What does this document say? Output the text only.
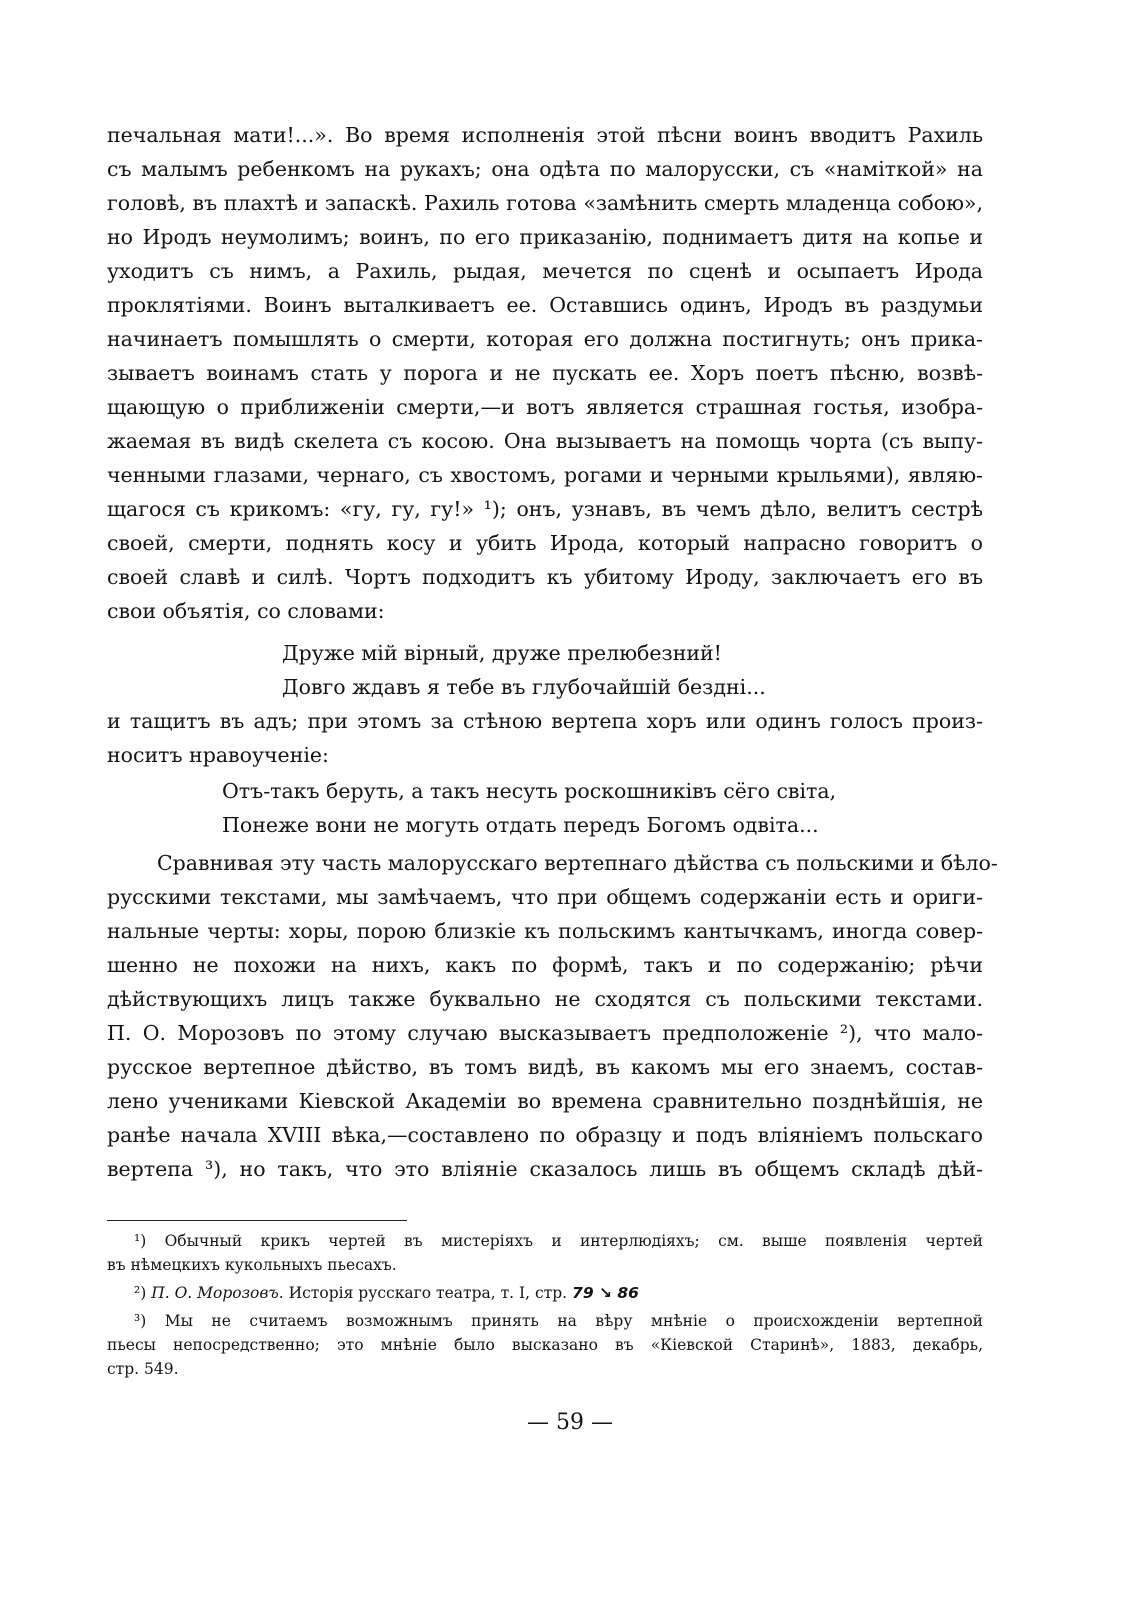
печальная мати!...». Во время исполненія этой пѣсни воинъ вводитъ Рахиль
съ малымъ ребенкомъ на рукахъ; она одѣта по малорусски, съ «наміткой» на
головѣ, въ плахтѣ и запаскѣ. Рахиль готова «замѣнить смерть младенца собою»,
но Иродъ неумолимъ; воинъ, по его приказанію, поднимаетъ дитя на копье и
уходитъ съ нимъ, а Рахиль, рыдая, мечется по сценѣ и осыпаетъ Ирода
проклятіями. Воинъ выталкиваетъ ее. Оставшись одинъ, Иродъ въ раздумьи
начинаетъ помышлять о смерти, которая его должна постигнуть; онъ прика-
зываетъ воинамъ стать у порога и не пускать ее. Хоръ поетъ пѣсню, возвѣ-
щающую о приближеніи смерти,—и вотъ является страшная гостья, изобра-
жаемая въ видѣ скелета съ косою. Она вызываетъ на помощь чорта (съ выпу-
ченными глазами, чернаго, съ хвостомъ, рогами и черными крыльями), являю-
щагося съ крикомъ: «гу, гу, гу!» ¹); онъ, узнавъ, въ чемъ дѣло, велитъ сестрѣ
своей, смерти, поднять косу и убить Ирода, который напрасно говоритъ о
своей славѣ и силѣ. Чортъ подходитъ къ убитому Ироду, заключаетъ его въ
свои объятія, со словами:
Друже мій вірный, друже прелюбезний!
Довго ждавъ я тебе въ глубочайшій бездні...
и тащитъ въ адъ; при этомъ за стѣною вертепа хоръ или одинъ голосъ произ-
носитъ нравоученіе:
Отъ-такъ беруть, а такъ несуть роскошниківъ сёго світа,
Понеже вони не могуть отдать передъ Богомъ одвіта...
Сравнивая эту часть малорусскаго вертепнаго дѣйства съ польскими и бѣло-
русскими текстами, мы замѣчаемъ, что при общемъ содержаніи есть и ориги-
нальные черты: хоры, порою близкіе къ польскимъ кантычкамъ, иногда совер-
шенно не похожи на нихъ, какъ по формѣ, такъ и по содержанію; рѣчи
дѣйствующихъ лицъ также буквально не сходятся съ польскими текстами.
П. О. Морозовъ по этому случаю высказываетъ предположеніе ²), что мало-
русское вертепное дѣйство, въ томъ видѣ, въ какомъ мы его знаемъ, состав-
лено учениками Кіевской Академіи во времена сравнительно позднѣйшія, не
ранѣе начала XVIII вѣка,—составлено по образцу и подъ вліяніемъ польскаго
вертепа ³), но такъ, что это вліяніе сказалось лишь въ общемъ складѣ дѣй-
¹) Обычный крикъ чертей въ мистеріяхъ и интерлюдіяхъ; см. выше появленія чертей
въ нѣмецкихъ кукольныхъ пьесахъ.
²) П. О. Морозовъ. Исторія русскаго театра, т. I, стр. 79 ↘ 86
³) Мы не считаемъ возможнымъ принять на вѣру мнѣніе о происхожденіи вертепной
пьесы непосредственно; это мнѣніе было высказано въ «Кіевской Старинѣ», 1883, декабрь,
стр. 549.
— 59 —
